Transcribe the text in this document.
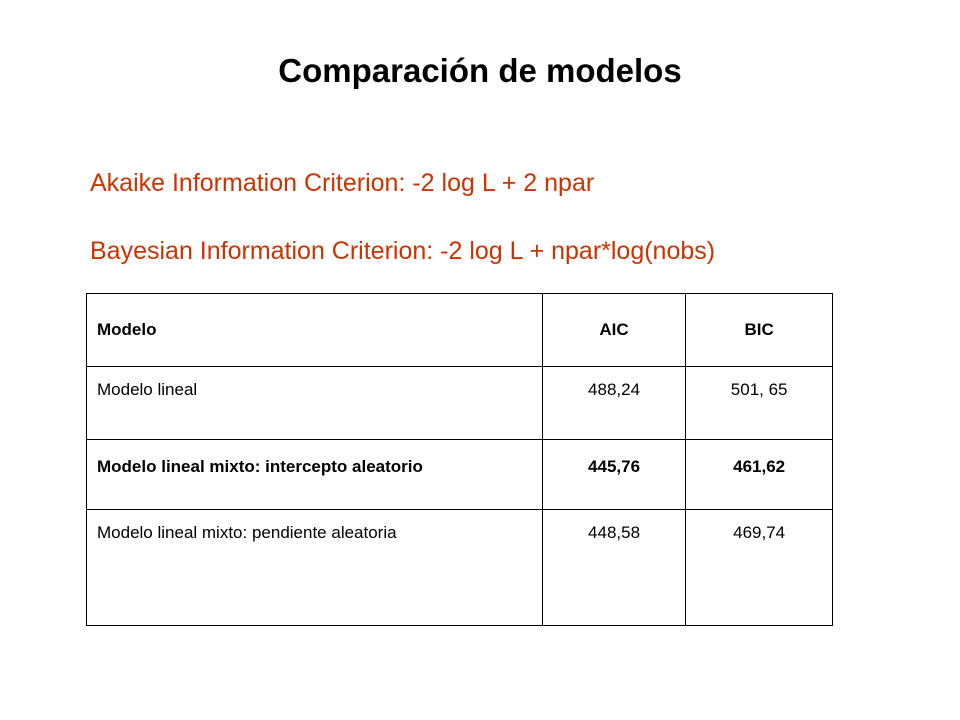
Comparación de modelos

Akaike Information Criterion: -2 log L + 2 npar

Bayesian Information Criterion: -2 log L + npar*log(nobs)

Modelo	AIC	BIC
Modelo lineal	488,24	501, 65
Modelo lineal mixto: intercepto aleatorio	445,76	461,62
Modelo lineal mixto: pendiente aleatoria	448,58	469,74
